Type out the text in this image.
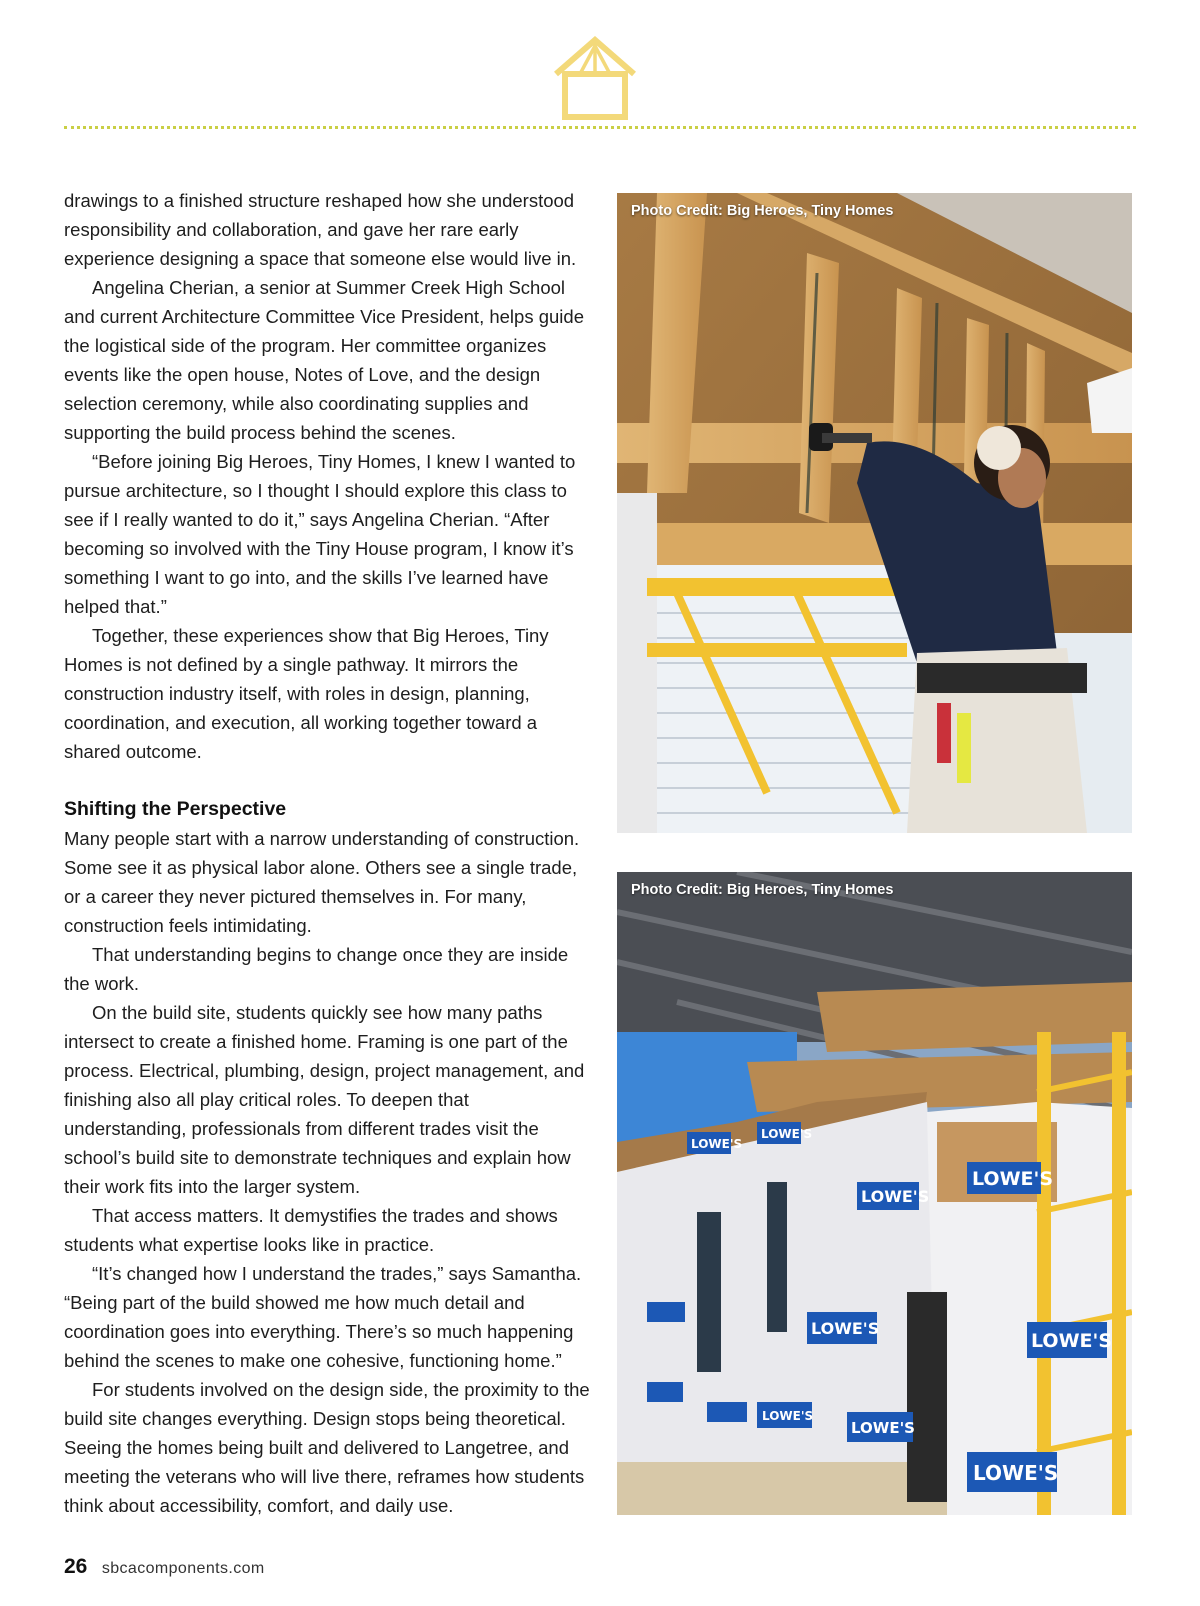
drawings to a finished structure reshaped how she understood responsibility and collaboration, and gave her rare early experience designing a space that someone else would live in.

Angelina Cherian, a senior at Summer Creek High School and current Architecture Committee Vice President, helps guide the logistical side of the program. Her committee organizes events like the open house, Notes of Love, and the design selection ceremony, while also coordinating supplies and supporting the build process behind the scenes.

“Before joining Big Heroes, Tiny Homes, I knew I wanted to pursue architecture, so I thought I should explore this class to see if I really wanted to do it,” says Angelina Cherian. “After becoming so involved with the Tiny House program, I know it’s something I want to go into, and the skills I’ve learned have helped that.”

Together, these experiences show that Big Heroes, Tiny Homes is not defined by a single pathway. It mirrors the construction industry itself, with roles in design, planning, coordination, and execution, all working together toward a shared outcome.

Shifting the Perspective

Many people start with a narrow understanding of construction. Some see it as physical labor alone. Others see a single trade, or a career they never pictured themselves in. For many, construction feels intimidating.

That understanding begins to change once they are inside the work.

On the build site, students quickly see how many paths intersect to create a finished home. Framing is one part of the process. Electrical, plumbing, design, project management, and finishing also all play critical roles. To deepen that understanding, professionals from different trades visit the school’s build site to demonstrate techniques and explain how their work fits into the larger system.

That access matters. It demystifies the trades and shows students what expertise looks like in practice.

“It’s changed how I understand the trades,” says Samantha. “Being part of the build showed me how much detail and coordination goes into everything. There’s so much happening behind the scenes to make one cohesive, functioning home.”

For students involved on the design side, the proximity to the build site changes everything. Design stops being theoretical. Seeing the homes being built and delivered to Langetree, and meeting the veterans who will live there, reframes how students think about accessibility, comfort, and daily use.

Photo Credit: Big Heroes, Tiny Homes
Photo Credit: Big Heroes, Tiny Homes
LOWE'S
LOWE'S
LOWE'S
LOWE'S
LOWE'S
LOWE'S
LOWE'S
LOWE'S
LOWE'S
26 sbcacomponents.com
